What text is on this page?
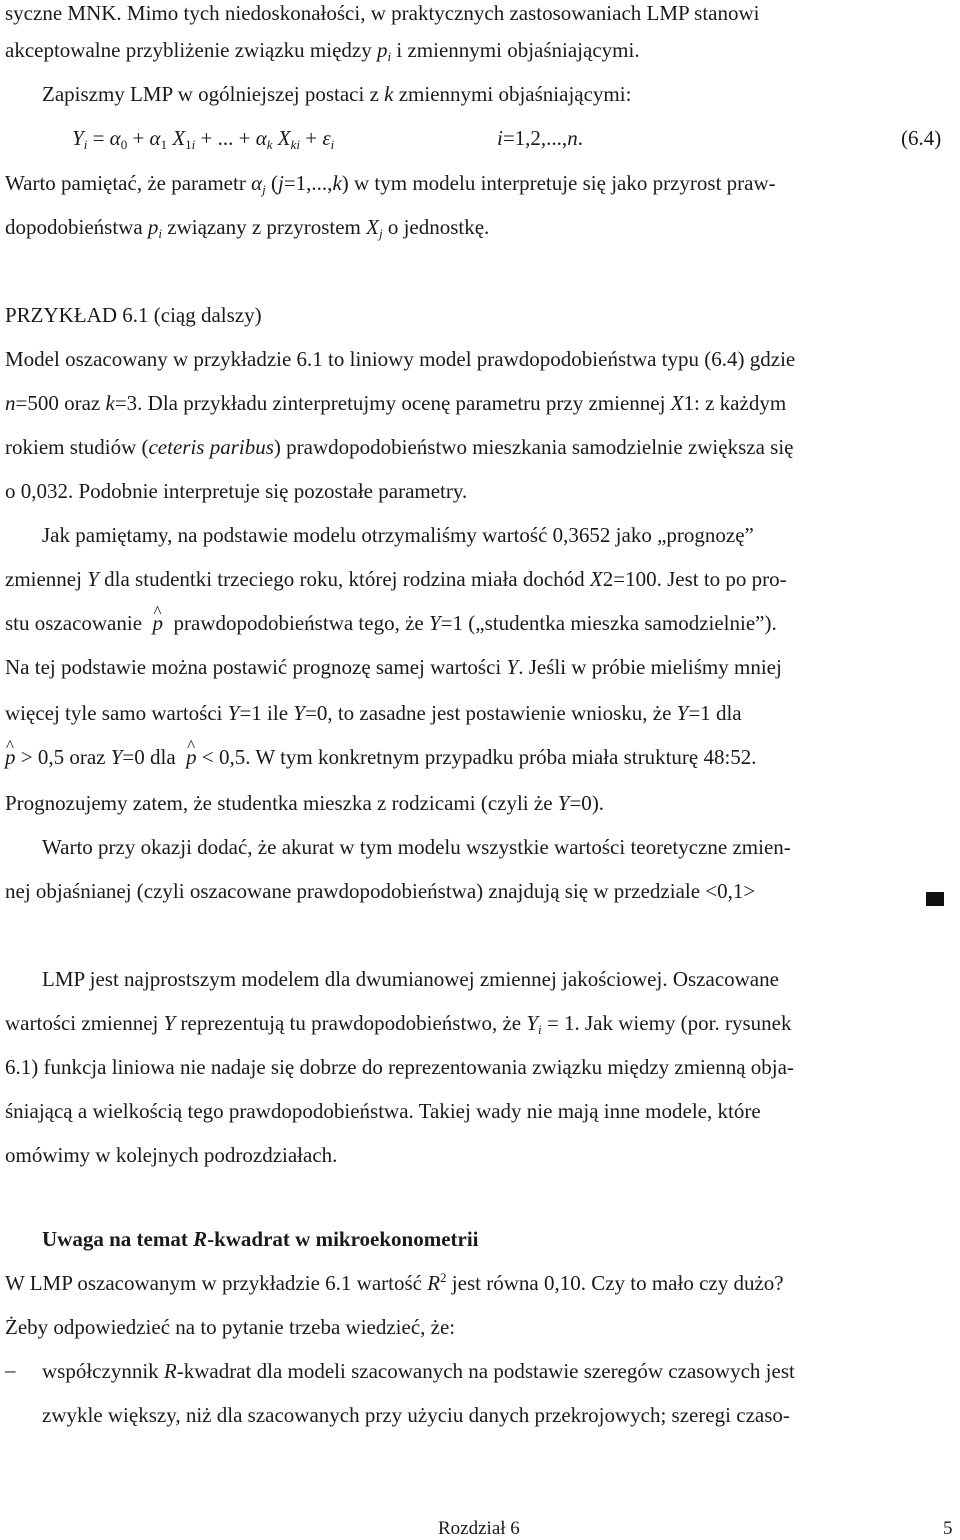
syczne MNK. Mimo tych niedoskonałości, w praktycznych zastosowaniach LMP stanowi
akceptowalne przybliżenie związku między $p_i$ i zmiennymi objaśniającymi.
Zapiszmy LMP w ogólniejszej postaci z k zmiennymi objaśniającymi:
$Y_i = \alpha_0 + \alpha_1$ $X_{1i}$ + ... + $\alpha_k$ $X_{ki} + \varepsilon_i$	i=1,2,...,n.	(6.4)
Warto pamiętać, że parametr $\alpha_j$ (j=1,...,k) w tym modelu interpretuje się jako przyrost praw-
dopodobieństwa $p_i$ związany z przyrostem $X_j$ o jednostkę.
PRZYKŁAD 6.1 (ciąg dalszy)
Model oszacowany w przykładzie 6.1 to liniowy model prawdopodobieństwa typu (6.4) gdzie
n=500 oraz k=3. Dla przykładu zinterpretujmy ocenę parametru przy zmiennej X1: z każdym
rokiem studiów (ceteris paribus) prawdopodobieństwo mieszkania samodzielnie zwiększa się
o 0,032. Podobnie interpretuje się pozostałe parametry.
Jak pamiętamy, na podstawie modelu otrzymaliśmy wartość 0,3652 jako „prognozę”
zmiennej Y dla studentki trzeciego roku, której rodzina miała dochód X2=100. Jest to po pro-
stu oszacowanie ^ p prawdopodobieństwa tego, że Y=1 („studentka mieszka samodzielnie”).
Na tej podstawie można postawić prognozę samej wartości Y. Jeśli w próbie mieliśmy mniej
więcej tyle samo wartości Y=1 ile Y=0, to zasadne jest postawienie wniosku, że Y=1 dla
^ p > 0,5 oraz Y=0 dla ^ p < 0,5. W tym konkretnym przypadku próba miała strukturę 48:52.
Prognozujemy zatem, że studentka mieszka z rodzicami (czyli że Y=0).
Warto przy okazji dodać, że akurat w tym modelu wszystkie wartości teoretyczne zmien-
nej objaśnianej (czyli oszacowane prawdopodobieństwa) znajdują się w przedziale <0,1>
LMP jest najprostszym modelem dla dwumianowej zmiennej jakościowej. Oszacowane
wartości zmiennej Y reprezentują tu prawdopodobieństwo, że $Y_i = 1$. Jak wiemy (por. rysunek
6.1) funkcja liniowa nie nadaje się dobrze do reprezentowania związku między zmienną obja-
śniającą a wielkością tego prawdopodobieństwa. Takiej wady nie mają inne modele, które
omówimy w kolejnych podrozdziałach.
Uwaga na temat R-kwadrat w mikroekonometrii
W LMP oszacowanym w przykładzie 6.1 wartość $R^2$ jest równa 0,10. Czy to mało czy dużo?
Żeby odpowiedzieć na to pytanie trzeba wiedzieć, że:
– współczynnik R-kwadrat dla modeli szacowanych na podstawie szeregów czasowych jest
zwykle większy, niż dla szacowanych przy użyciu danych przekrojowych; szeregi czaso-
Rozdział 6	5
